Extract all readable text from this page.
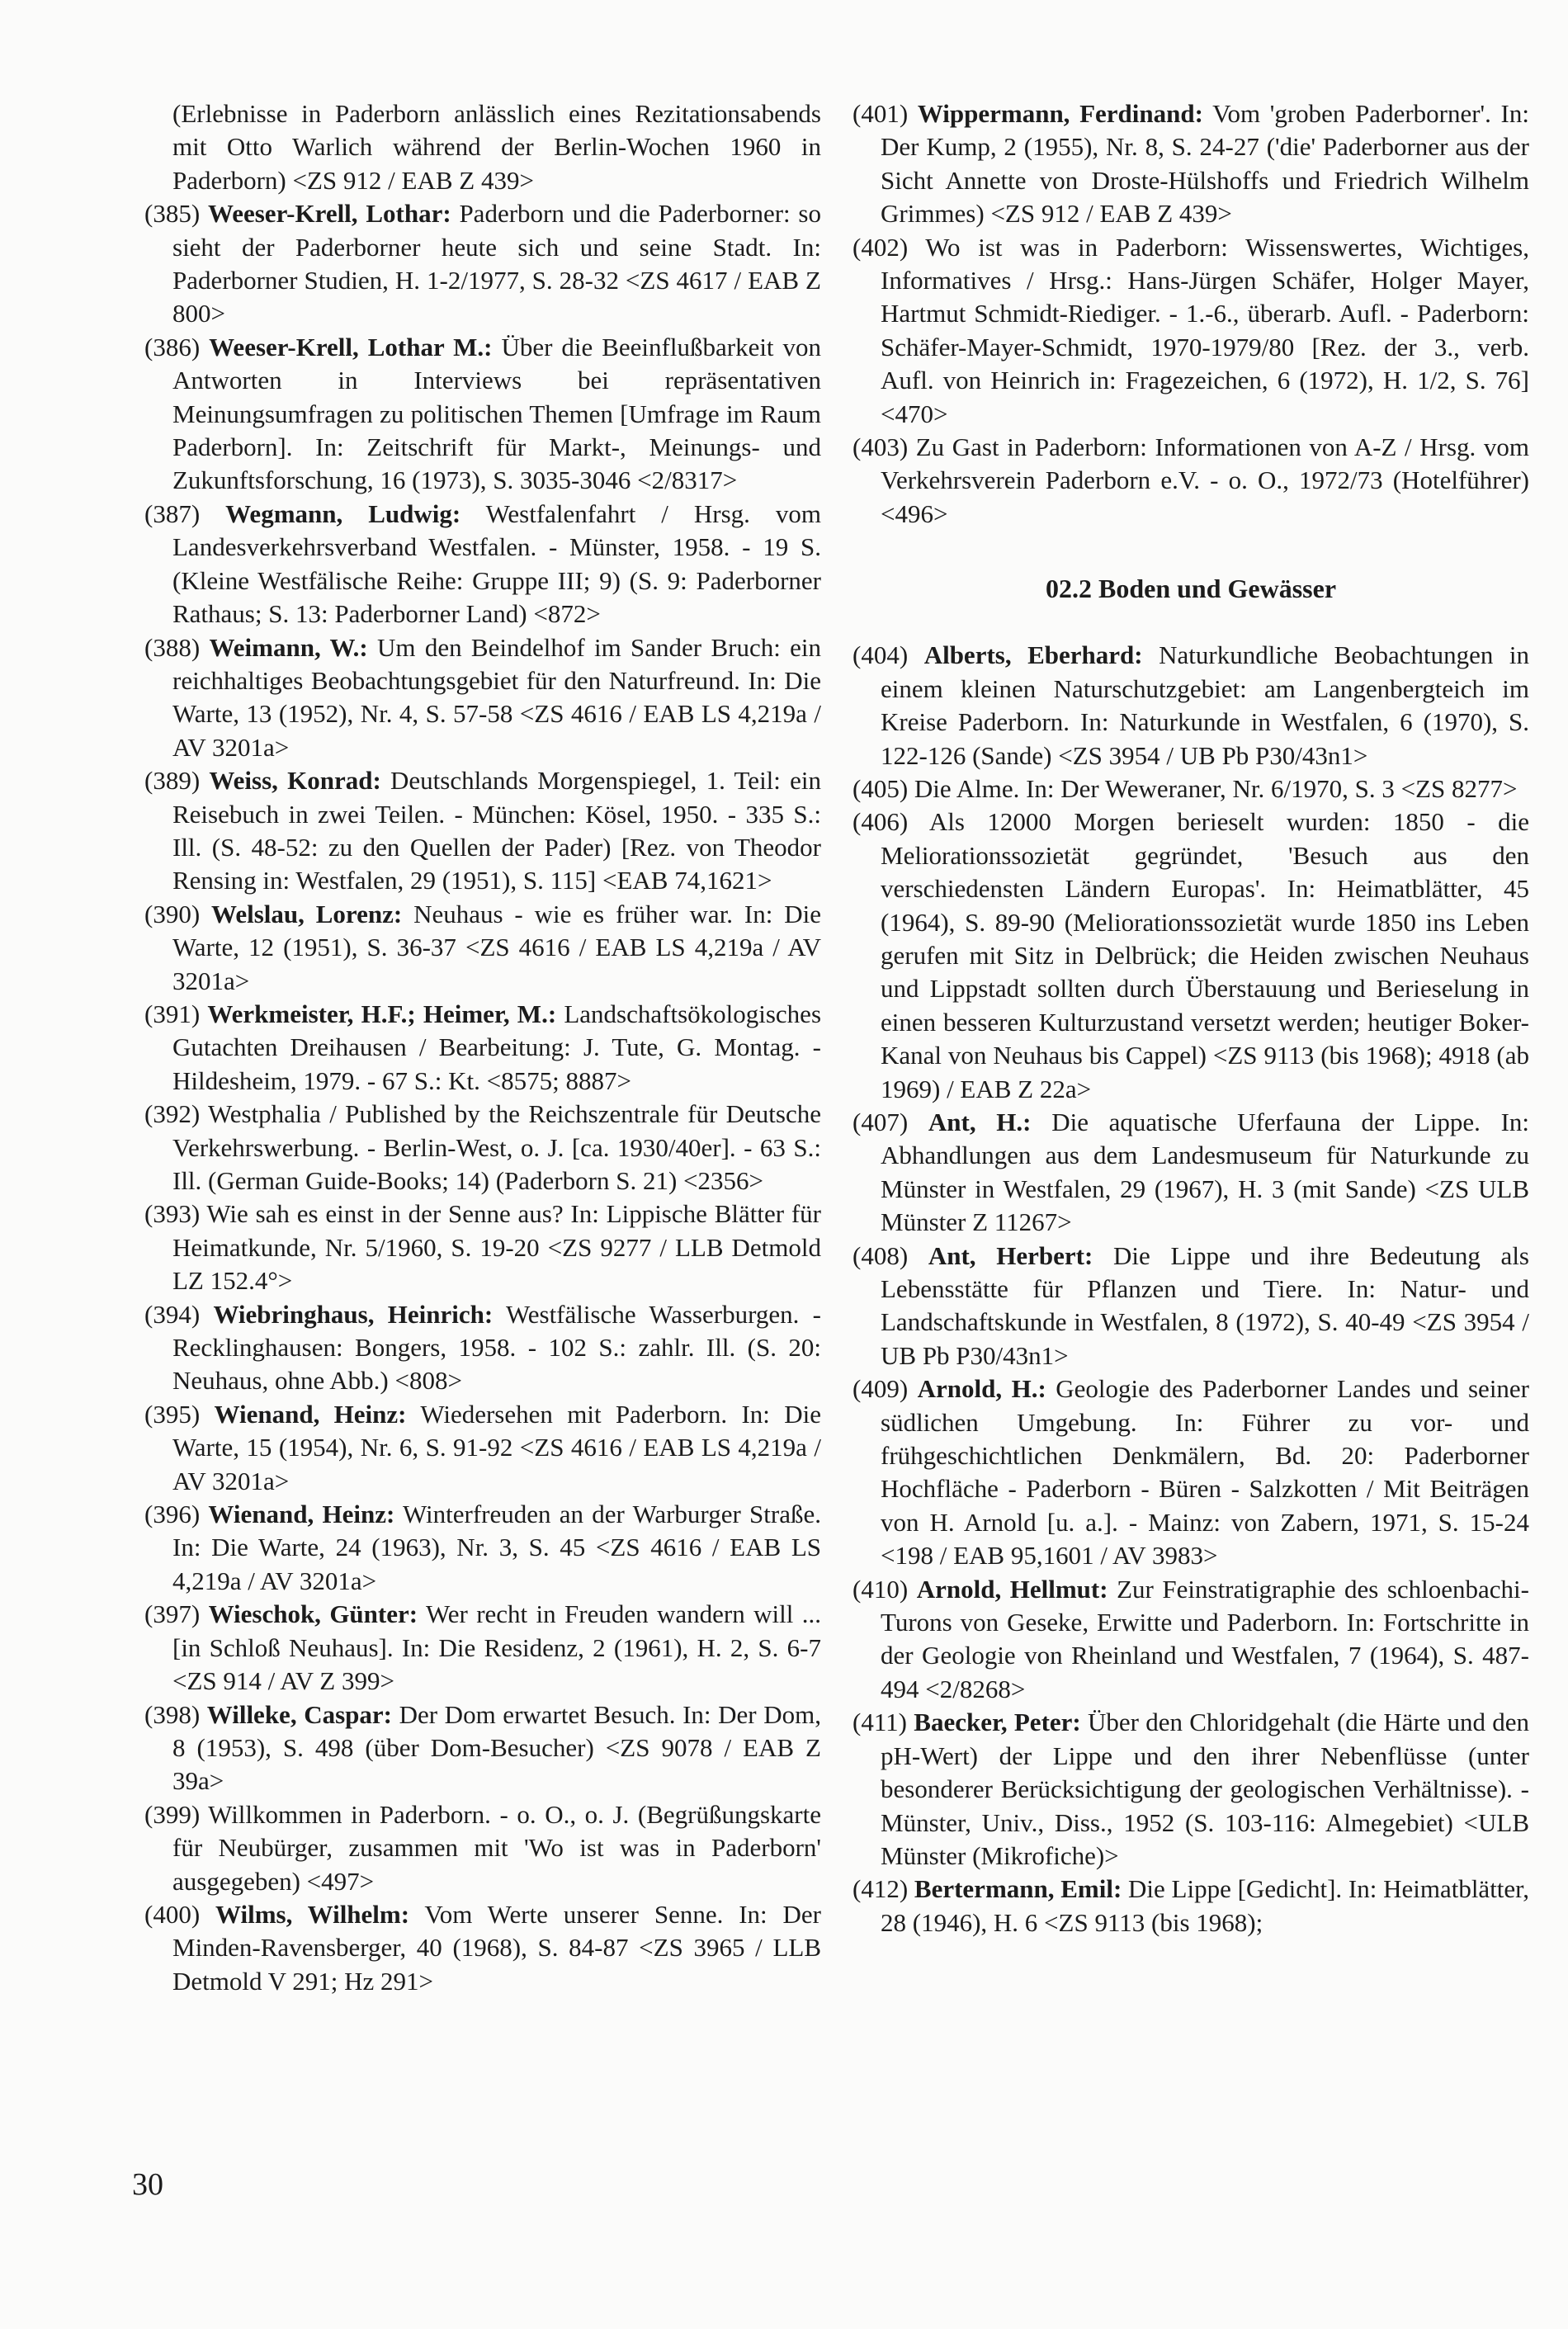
(Erlebnisse in Paderborn anlässlich eines Rezitationsabends mit Otto Warlich während der Berlin-Wochen 1960 in Paderborn) <ZS 912 / EAB Z 439>

(385) Weeser-Krell, Lothar: Paderborn und die Paderborner: so sieht der Paderborner heute sich und seine Stadt. In: Paderborner Studien, H. 1-2/1977, S. 28-32 <ZS 4617 / EAB Z 800>

(386) Weeser-Krell, Lothar M.: Über die Beeinflußbarkeit von Antworten in Interviews bei repräsentativen Meinungsumfragen zu politischen Themen [Umfrage im Raum Paderborn]. In: Zeitschrift für Markt-, Meinungs- und Zukunftsforschung, 16 (1973), S. 3035-3046 <2/8317>

(387) Wegmann, Ludwig: Westfalenfahrt / Hrsg. vom Landesverkehrsverband Westfalen. - Münster, 1958. - 19 S. (Kleine Westfälische Reihe: Gruppe III; 9) (S. 9: Paderborner Rathaus; S. 13: Paderborner Land) <872>

(388) Weimann, W.: Um den Beindelhof im Sander Bruch: ein reichhaltiges Beobachtungsgebiet für den Naturfreund. In: Die Warte, 13 (1952), Nr. 4, S. 57-58 <ZS 4616 / EAB LS 4,219a / AV 3201a>

(389) Weiss, Konrad: Deutschlands Morgenspiegel, 1. Teil: ein Reisebuch in zwei Teilen. - München: Kösel, 1950. - 335 S.: Ill. (S. 48-52: zu den Quellen der Pader) [Rez. von Theodor Rensing in: Westfalen, 29 (1951), S. 115] <EAB 74,1621>

(390) Welslau, Lorenz: Neuhaus - wie es früher war. In: Die Warte, 12 (1951), S. 36-37 <ZS 4616 / EAB LS 4,219a / AV 3201a>

(391) Werkmeister, H.F.; Heimer, M.: Landschaftsökologisches Gutachten Dreihausen / Bearbeitung: J. Tute, G. Montag. - Hildesheim, 1979. - 67 S.: Kt. <8575; 8887>

(392) Westphalia / Published by the Reichszentrale für Deutsche Verkehrswerbung. - Berlin-West, o. J. [ca. 1930/40er]. - 63 S.: Ill. (German Guide-Books; 14) (Paderborn S. 21) <2356>

(393) Wie sah es einst in der Senne aus? In: Lippische Blätter für Heimatkunde, Nr. 5/1960, S. 19-20 <ZS 9277 / LLB Detmold LZ 152.4°>

(394) Wiebringhaus, Heinrich: Westfälische Wasserburgen. - Recklinghausen: Bongers, 1958. - 102 S.: zahlr. Ill. (S. 20: Neuhaus, ohne Abb.) <808>

(395) Wienand, Heinz: Wiedersehen mit Paderborn. In: Die Warte, 15 (1954), Nr. 6, S. 91-92 <ZS 4616 / EAB LS 4,219a / AV 3201a>

(396) Wienand, Heinz: Winterfreuden an der Warburger Straße. In: Die Warte, 24 (1963), Nr. 3, S. 45 <ZS 4616 / EAB LS 4,219a / AV 3201a>

(397) Wieschok, Günter: Wer recht in Freuden wandern will ... [in Schloß Neuhaus]. In: Die Residenz, 2 (1961), H. 2, S. 6-7 <ZS 914 / AV Z 399>

(398) Willeke, Caspar: Der Dom erwartet Besuch. In: Der Dom, 8 (1953), S. 498 (über Dom-Besucher) <ZS 9078 / EAB Z 39a>

(399) Willkommen in Paderborn. - o. O., o. J. (Begrüßungskarte für Neubürger, zusammen mit 'Wo ist was in Paderborn' ausgegeben) <497>

(400) Wilms, Wilhelm: Vom Werte unserer Senne. In: Der Minden-Ravensberger, 40 (1968), S. 84-87 <ZS 3965 / LLB Detmold V 291; Hz 291>

(401) Wippermann, Ferdinand: Vom 'groben Paderborner'. In: Der Kump, 2 (1955), Nr. 8, S. 24-27 ('die' Paderborner aus der Sicht Annette von Droste-Hülshoffs und Friedrich Wilhelm Grimmes) <ZS 912 / EAB Z 439>

(402) Wo ist was in Paderborn: Wissenswertes, Wichtiges, Informatives / Hrsg.: Hans-Jürgen Schäfer, Holger Mayer, Hartmut Schmidt-Riediger. - 1.-6., überarb. Aufl. - Paderborn: Schäfer-Mayer-Schmidt, 1970-1979/80 [Rez. der 3., verb. Aufl. von Heinrich in: Fragezeichen, 6 (1972), H. 1/2, S. 76] <470>

(403) Zu Gast in Paderborn: Informationen von A-Z / Hrsg. vom Verkehrsverein Paderborn e.V. - o. O., 1972/73 (Hotelführer) <496>

02.2 Boden und Gewässer

(404) Alberts, Eberhard: Naturkundliche Beobachtungen in einem kleinen Naturschutzgebiet: am Langenbergteich im Kreise Paderborn. In: Naturkunde in Westfalen, 6 (1970), S. 122-126 (Sande) <ZS 3954 / UB Pb P30/43n1>

(405) Die Alme. In: Der Weweraner, Nr. 6/1970, S. 3 <ZS 8277>

(406) Als 12000 Morgen berieselt wurden: 1850 - die Meliorationssozietät gegründet, 'Besuch aus den verschiedensten Ländern Europas'. In: Heimatblätter, 45 (1964), S. 89-90 (Meliorationssozietät wurde 1850 ins Leben gerufen mit Sitz in Delbrück; die Heiden zwischen Neuhaus und Lippstadt sollten durch Überstauung und Berieselung in einen besseren Kulturzustand versetzt werden; heutiger Boker-Kanal von Neuhaus bis Cappel) <ZS 9113 (bis 1968); 4918 (ab 1969) / EAB Z 22a>

(407) Ant, H.: Die aquatische Uferfauna der Lippe. In: Abhandlungen aus dem Landesmuseum für Naturkunde zu Münster in Westfalen, 29 (1967), H. 3 (mit Sande) <ZS ULB Münster Z 11267>

(408) Ant, Herbert: Die Lippe und ihre Bedeutung als Lebensstätte für Pflanzen und Tiere. In: Natur- und Landschaftskunde in Westfalen, 8 (1972), S. 40-49 <ZS 3954 / UB Pb P30/43n1>

(409) Arnold, H.: Geologie des Paderborner Landes und seiner südlichen Umgebung. In: Führer zu vor- und frühgeschichtlichen Denkmälern, Bd. 20: Paderborner Hochfläche - Paderborn - Büren - Salzkotten / Mit Beiträgen von H. Arnold [u. a.]. - Mainz: von Zabern, 1971, S. 15-24 <198 / EAB 95,1601 / AV 3983>

(410) Arnold, Hellmut: Zur Feinstratigraphie des schloenbachi-Turons von Geseke, Erwitte und Paderborn. In: Fortschritte in der Geologie von Rheinland und Westfalen, 7 (1964), S. 487-494 <2/8268>

(411) Baecker, Peter: Über den Chloridgehalt (die Härte und den pH-Wert) der Lippe und den ihrer Nebenflüsse (unter besonderer Berücksichtigung der geologischen Verhältnisse). - Münster, Univ., Diss., 1952 (S. 103-116: Almegebiet) <ULB Münster (Mikrofiche)>

(412) Bertermann, Emil: Die Lippe [Gedicht]. In: Heimatblätter, 28 (1946), H. 6 <ZS 9113 (bis 1968);

30
